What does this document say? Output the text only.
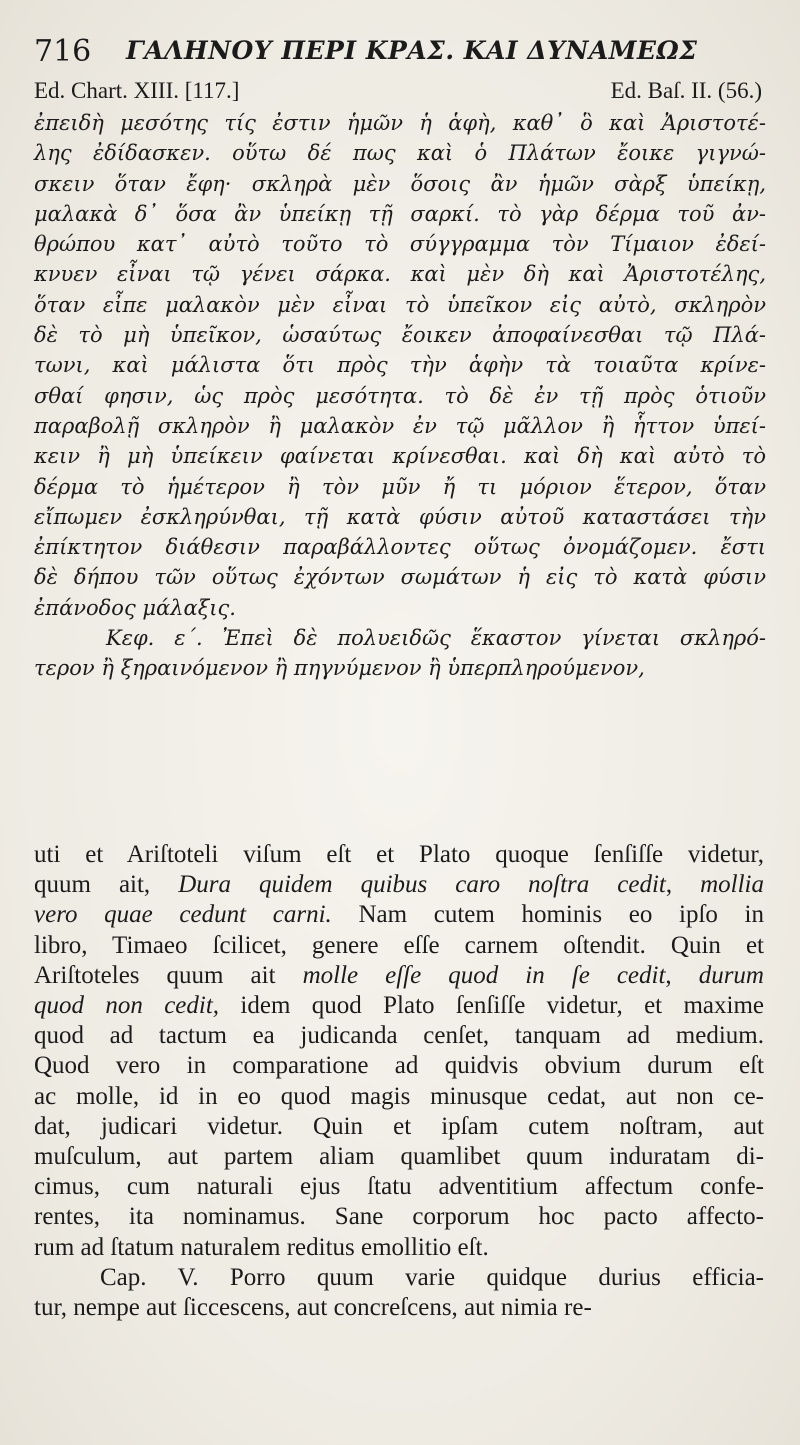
716 ΓΑΛΗΝΟΥ ΠΕΡΙ ΚΡΑΣ. ΚΑΙ ΔΥΝΑΜΕΩΣ
Ed. Chart. XIII. [117.]	Ed. Baſ. II. (56.)
ἐπειδὴ μεσότης τίς ἐστιν ἡμῶν ἡ ἁφὴ, καθ᾽ ὃ καὶ Ἀριστοτέ-
λης ἐδίδασκεν. οὕτω δέ πως καὶ ὁ Πλάτων ἔοικε γιγνώ-
σκειν ὅταν ἔφη· σκληρὰ μὲν ὅσοις ἂν ἡμῶν σὰρξ ὑπείκῃ,
μαλακὰ δ᾽ ὅσα ἂν ὑπείκῃ τῇ σαρκί. τὸ γὰρ δέρμα τοῦ ἀν-
θρώπου κατ᾽ αὐτὸ τοῦτο τὸ σύγγραμμα τὸν Τίμαιον ἐδεί-
κνυεν εἶναι τῷ γένει σάρκα. καὶ μὲν δὴ καὶ Ἀριστοτέλης,
ὅταν εἶπε μαλακὸν μὲν εἶναι τὸ ὑπεῖκον εἰς αὐτὸ, σκληρὸν
δὲ τὸ μὴ ὑπεῖκον, ὡσαύτως ἔοικεν ἀποφαίνεσθαι τῷ Πλά-
τωνι, καὶ μάλιστα ὅτι πρὸς τὴν ἁφὴν τὰ τοιαῦτα κρίνε-
σθαί φησιν, ὡς πρὸς μεσότητα. τὸ δὲ ἐν τῇ πρὸς ὁτιοῦν
παραβολῇ σκληρὸν ἢ μαλακὸν ἐν τῷ μᾶλλον ἢ ἧττον ὑπεί-
κειν ἢ μὴ ὑπείκειν φαίνεται κρίνεσθαι. καὶ δὴ καὶ αὐτὸ τὸ
δέρμα τὸ ἡμέτερον ἢ τὸν μῦν ἤ τι μόριον ἕτερον, ὅταν
εἴπωμεν ἐσκληρύνθαι, τῇ κατὰ φύσιν αὐτοῦ καταστάσει τὴν
ἐπίκτητον διάθεσιν παραβάλλοντες οὕτως ὀνομάζομεν. ἔστι
δὲ δήπου τῶν οὕτως ἐχόντων σωμάτων ἡ εἰς τὸ κατὰ φύσιν
ἐπάνοδος μάλαξις.
Κεφ. ε΄. Ἐπεὶ δὲ πολυειδῶς ἕκαστον γίνεται σκληρό-
τερον ἢ ξηραινόμενον ἢ πηγνύμενον ἢ ὑπερπληρούμενον,
uti et Ariſtoteli viſum eſt et Plato quoque ſenſiſſe videtur,
quum ait, Dura quidem quibus caro noſtra cedit, mollia
vero quae cedunt carni. Nam cutem hominis eo ipſo in
libro, Timaeo ſcilicet, genere eſſe carnem oſtendit. Quin et
Ariſtoteles quum ait molle eſſe quod in ſe cedit, durum
quod non cedit, idem quod Plato ſenſiſſe videtur, et maxime
quod ad tactum ea judicanda cenſet, tanquam ad medium.
Quod vero in comparatione ad quidvis obvium durum eſt
ac molle, id in eo quod magis minusque cedat, aut non ce-
dat, judicari videtur. Quin et ipſam cutem noſtram, aut
muſculum, aut partem aliam quamlibet quum induratam di-
cimus, cum naturali ejus ſtatu adventitium affectum confe-
rentes, ita nominamus. Sane corporum hoc pacto affecto-
rum ad ſtatum naturalem reditus emollitio eſt.
Cap. V. Porro quum varie quidque durius efficia-
tur, nempe aut ſiccescens, aut concreſcens, aut nimia re-
